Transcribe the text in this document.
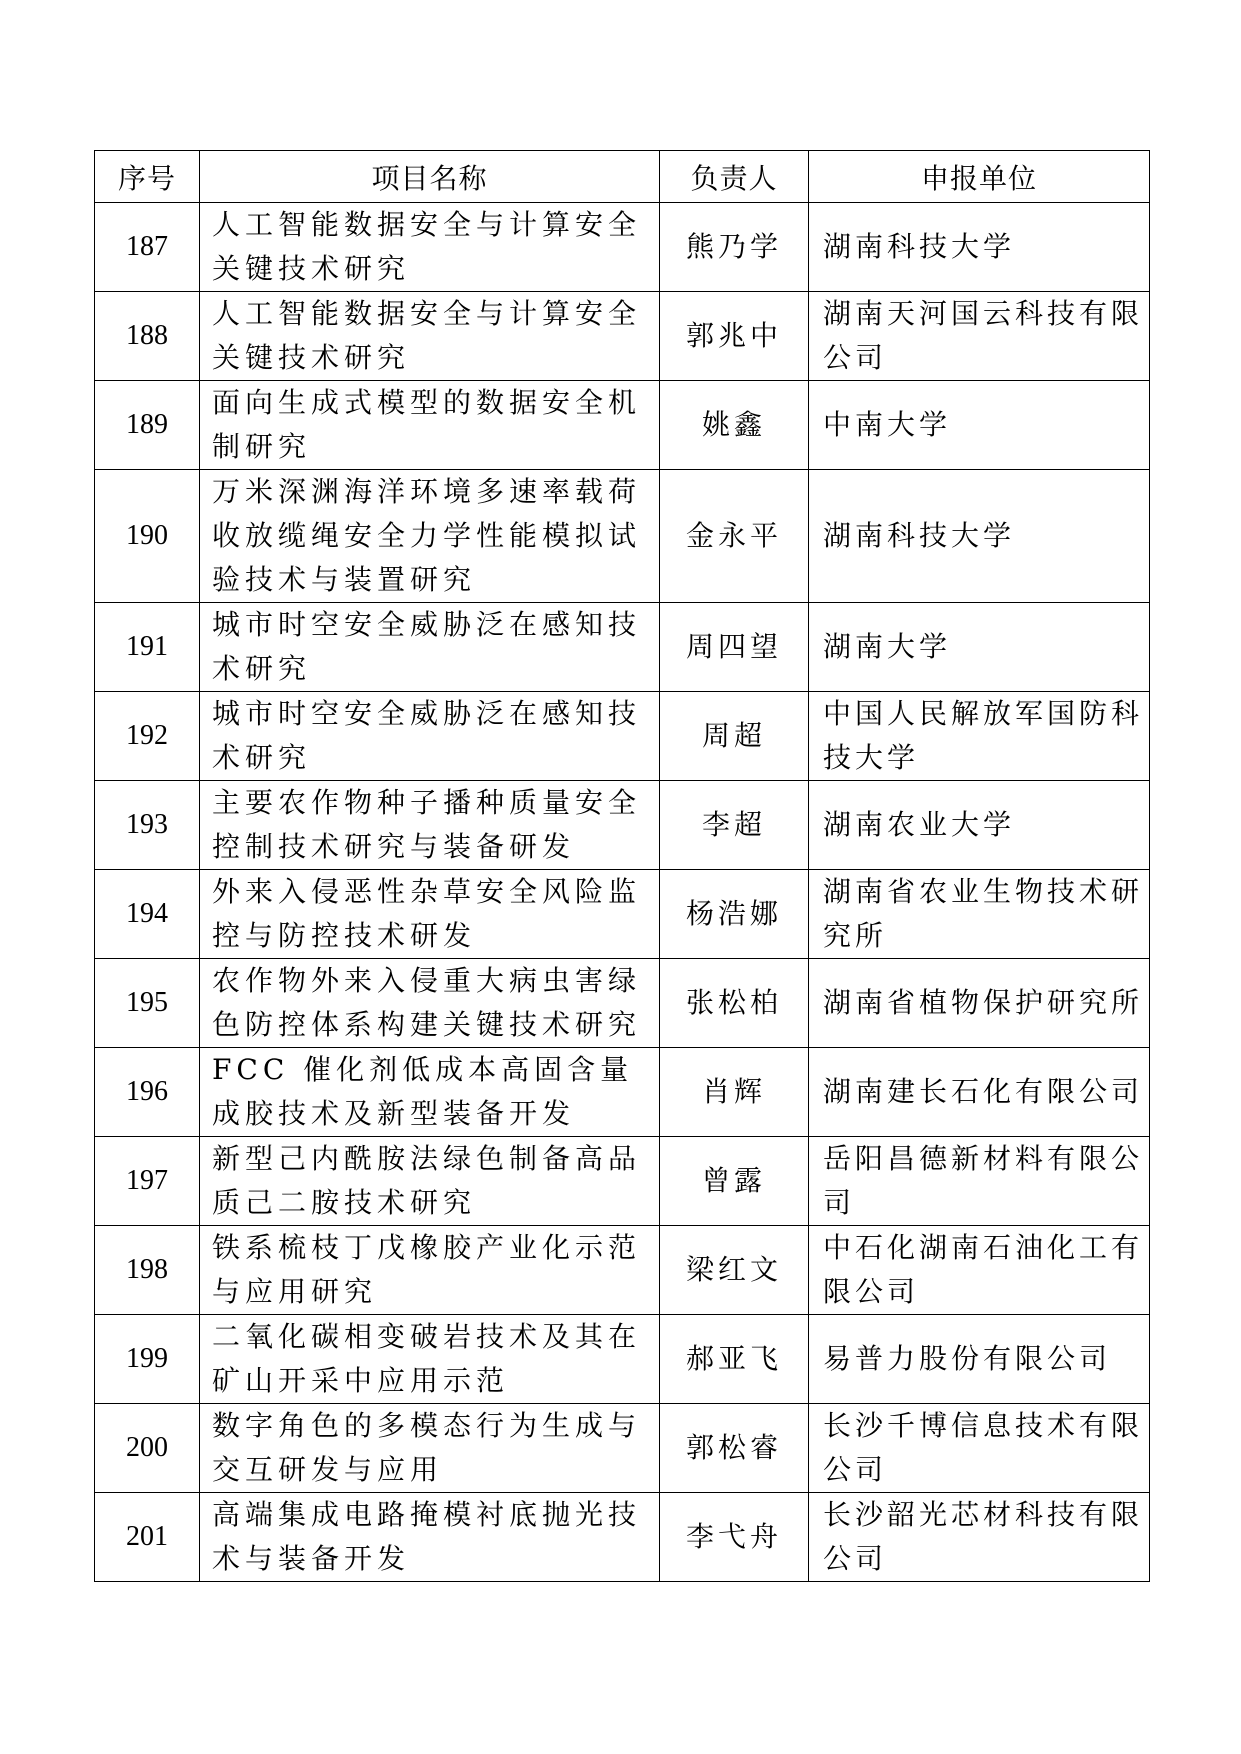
序号	项目名称	负责人	申报单位
187	人工智能数据安全与计算安全关键技术研究	熊乃学	湖南科技大学
188	人工智能数据安全与计算安全关键技术研究	郭兆中	湖南天河国云科技有限公司
189	面向生成式模型的数据安全机制研究	姚鑫	中南大学
190	万米深渊海洋环境多速率载荷收放缆绳安全力学性能模拟试验技术与装置研究	金永平	湖南科技大学
191	城市时空安全威胁泛在感知技术研究	周四望	湖南大学
192	城市时空安全威胁泛在感知技术研究	周超	中国人民解放军国防科技大学
193	主要农作物种子播种质量安全控制技术研究与装备研发	李超	湖南农业大学
194	外来入侵恶性杂草安全风险监控与防控技术研发	杨浩娜	湖南省农业生物技术研究所
195	农作物外来入侵重大病虫害绿色防控体系构建关键技术研究	张松柏	湖南省植物保护研究所
196	FCC 催化剂低成本高固含量成胶技术及新型装备开发	肖辉	湖南建长石化有限公司
197	新型己内酰胺法绿色制备高品质己二胺技术研究	曾露	岳阳昌德新材料有限公司
198	铁系梳枝丁戊橡胶产业化示范与应用研究	梁红文	中石化湖南石油化工有限公司
199	二氧化碳相变破岩技术及其在矿山开采中应用示范	郝亚飞	易普力股份有限公司
200	数字角色的多模态行为生成与交互研发与应用	郭松睿	长沙千博信息技术有限公司
201	高端集成电路掩模衬底抛光技术与装备开发	李弋舟	长沙韶光芯材科技有限公司
